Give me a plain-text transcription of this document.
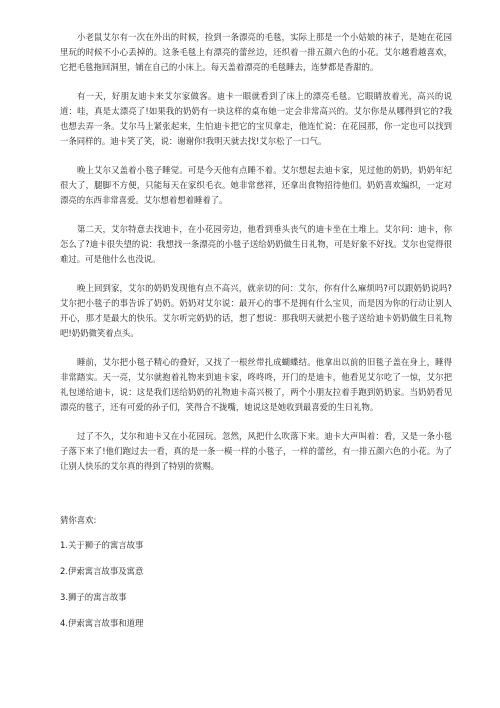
小老鼠艾尔有一次在外出的时候，捡到一条漂亮的毛毯，实际上那是一个小姑娘的袜子，是她在花园里玩的时候不小心丢掉的。这条毛毯上有漂亮的蕾丝边，还织着一排五颜六色的小花。艾尔越看越喜欢，它把毛毯拖回洞里，铺在自己的小床上。每天盖着漂亮的毛毯睡去，连梦都是香甜的。

有一天，好朋友迪卡来艾尔家做客。迪卡一眼就看到了床上的漂亮毛毯。它眼睛放着光，高兴的说道：哇，真是太漂亮了!如果我的奶奶有一块这样的桌布她一定会非常高兴的。艾尔你是从哪得到它的?我也想去弄一条。艾尔马上紧张起来，生怕迪卡把它的宝贝拿走，他连忙说：在花园那，你一定也可以找到一条同样的。迪卡笑了笑，说：谢谢你!我明天就去找!艾尔松了一口气。

晚上艾尔又盖着小毯子睡觉。可是今天他有点睡不着。艾尔想起去迪卡家，见过他的奶奶，奶奶年纪很大了，腿脚不方便，只能每天在家织毛衣。她非常慈祥，还拿出食物招待他们。奶奶喜欢编织，一定对漂亮的东西非常喜爱。艾尔想着想着睡着了。

第二天，艾尔特意去找迪卡，在小花园旁边，他看到垂头丧气的迪卡坐在土堆上。艾尔问：迪卡，你怎么了?迪卡很失望的说：我想找一条漂亮的小毯子送给奶奶做生日礼物，可是好象不好找。艾尔也觉得很难过。可是他什么也没说。

晚上回到家，艾尔的奶奶发现他有点不高兴，就亲切的问：艾尔，你有什么麻烦吗?可以跟奶奶说吗?艾尔把小毯子的事告诉了奶奶。奶奶对艾尔说：最开心的事不是拥有什么宝贝，而是因为你的行动让别人开心，那才是最大的快乐。艾尔听完奶奶的话，想了想说：那我明天就把小毯子送给迪卡奶奶做生日礼物吧!奶奶微笑着点头。

睡前，艾尔把小毯子精心的叠好，又找了一根丝带扎成蝴蝶结。他拿出以前的旧毯子盖在身上，睡得非常踏实。天一亮，艾尔就抱着礼物来到迪卡家，咚咚咚，开门的是迪卡，他看见艾尔吃了一惊，艾尔把礼包递给迪卡，说：这是我们送给奶奶的礼物迪卡高兴极了，两个小朋友拉着手跑到奶奶家。当奶奶看见漂亮的毯子，还有可爱的孙子们，笑得合不拢嘴，她说这是她收到最喜爱的生日礼物。

过了不久，艾尔和迪卡又在小花园玩。忽然，风把什么吹落下来。迪卡大声叫着：看，又是一条小毯子落下来了!他们跑过去一看，真的是一条一模一样的小毯子，一样的蕾丝，有一排五颜六色的小花。为了让别人快乐的艾尔真的得到了特别的赏赐。

猜你喜欢:

1.关于狮子的寓言故事
2.伊索寓言故事及寓意
3.狮子的寓言故事
4.伊索寓言故事和道理
